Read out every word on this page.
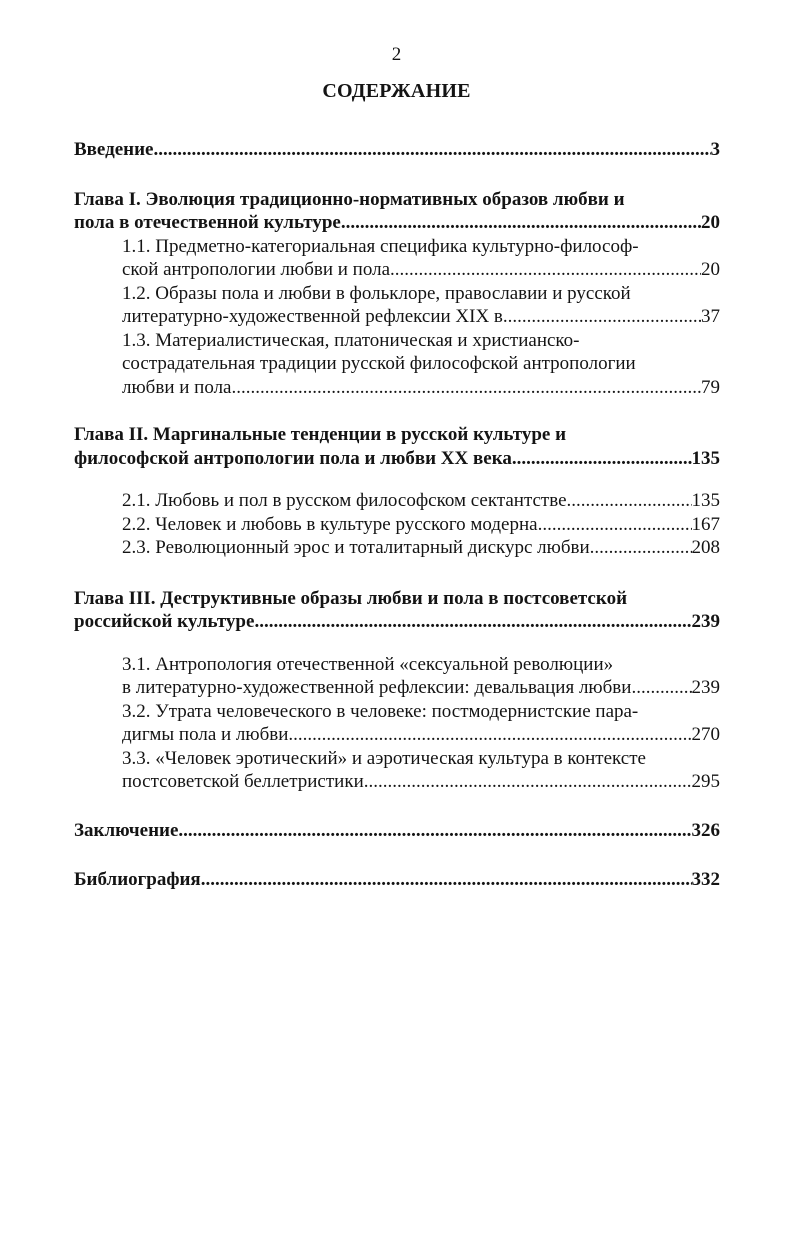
2
СОДЕРЖАНИЕ
Введение .....	3
Глава I. Эволюция традиционно-нормативных образов любви и
пола в отечественной культуре .....	20
1.1. Предметно-категориальная специфика культурно-философ-
ской антропологии любви и пола .....	20
1.2. Образы пола и любви в фольклоре, православии и русской
литературно-художественной рефлексии XIX в. .....	37
1.3. Материалистическая, платоническая и христианско-
сострадательная традиции русской философской антропологии
любви и пола .....	79
Глава II. Маргинальные тенденции в русской культуре и
философской антропологии пола и любви XX века .....	135
2.1. Любовь и пол в русском философском сектантстве .....	135
2.2. Человек и любовь в культуре русского модерна .....	167
2.3. Революционный эрос и тоталитарный дискурс любви .....	208
Глава III. Деструктивные образы любви и пола в постсоветской
российской культуре .....	239
3.1. Антропология отечественной «сексуальной революции»
в литературно-художественной рефлексии: девальвация любви .....	239
3.2. Утрата человеческого в человеке: постмодернистские пара-
дигмы пола и любви .....	270
3.3. «Человек эротический» и аэротическая культура в контексте
постсоветской беллетристики .....	295
Заключение .....	326
Библиография .....	332
